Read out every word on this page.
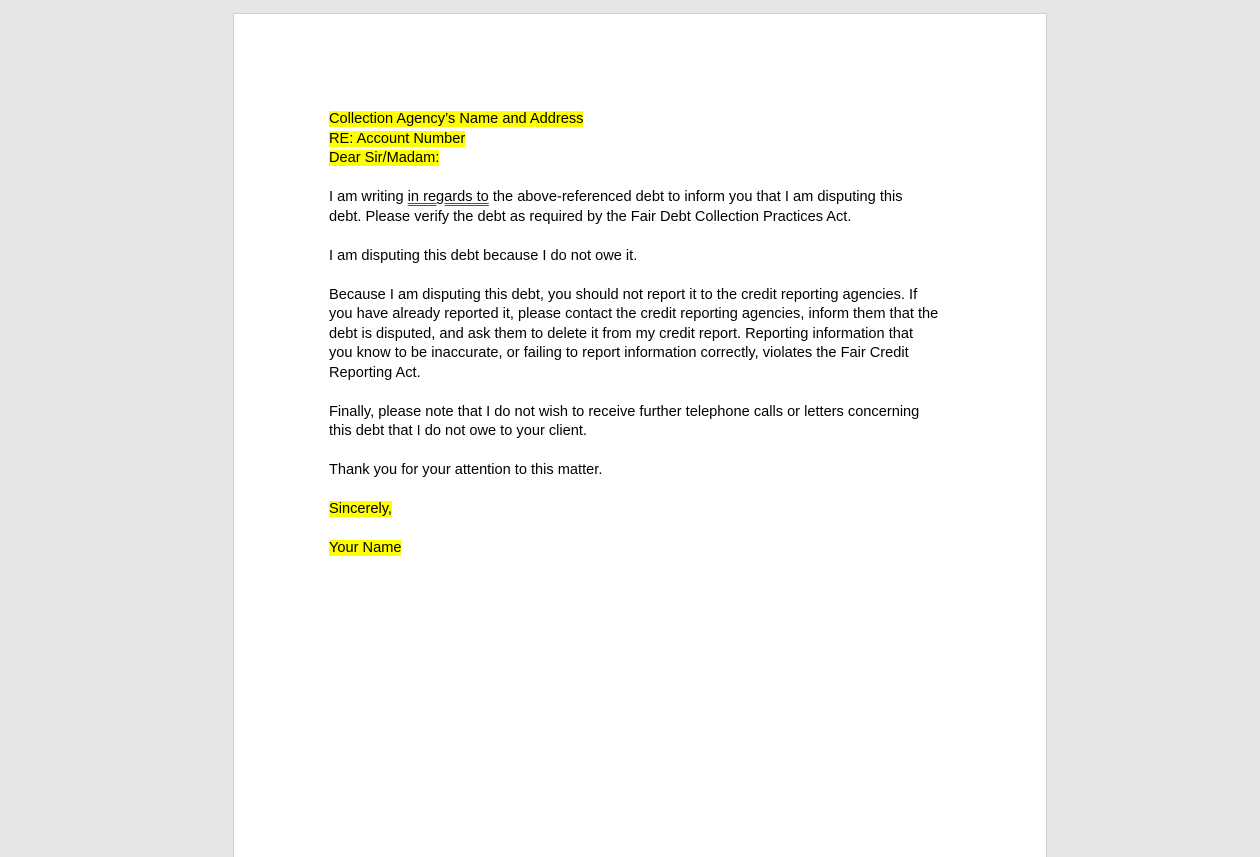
Collection Agency’s Name and Address
RE: Account Number
Dear Sir/Madam:
I am writing in regards to the above-referenced debt to inform you that I am disputing this
debt. Please verify the debt as required by the Fair Debt Collection Practices Act.
I am disputing this debt because I do not owe it.
Because I am disputing this debt, you should not report it to the credit reporting agencies. If
you have already reported it, please contact the credit reporting agencies, inform them that the
debt is disputed, and ask them to delete it from my credit report. Reporting information that
you know to be inaccurate, or failing to report information correctly, violates the Fair Credit
Reporting Act.
Finally, please note that I do not wish to receive further telephone calls or letters concerning
this debt that I do not owe to your client.
Thank you for your attention to this matter.
Sincerely,
Your Name
